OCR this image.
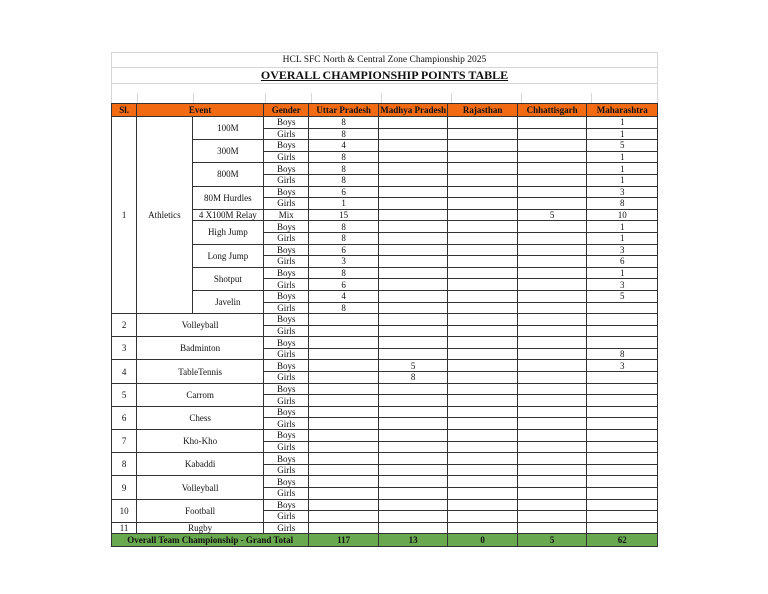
HCL SFC North & Central Zone Championship 2025
OVERALL CHAMPIONSHIP POINTS TABLE
Sl.	Event		Gender	Uttar Pradesh	Madhya Pradesh	Rajasthan	Chhattisgarh	Maharashtra
1	Athletics	100M	Boys	8				1
			Girls	8				1
		300M	Boys	4				5
			Girls	8				1
		800M	Boys	8				1
			Girls	8				1
		80M Hurdles	Boys	6				3
			Girls	1				8
		4 X100M Relay	Mix	15			5	10
		High Jump	Boys	8				1
			Girls	8				1
		Long Jump	Boys	6				3
			Girls	3				6
		Shotput	Boys	8				1
			Girls	6				3
		Javelin	Boys	4				5
			Girls	8				
2	Volleyball		Boys					
			Girls					
3	Badminton		Boys					
			Girls					8
4	TableTennis		Boys		5			3
			Girls		8			
5	Carrom		Boys					
			Girls					
6	Chess		Boys					
			Girls					
7	Kho-Kho		Boys					
			Girls					
8	Kabaddi		Boys					
			Girls					
9	Volleyball		Boys					
			Girls					
10	Football		Boys					
			Girls					
11	Rugby		Girls					
Overall Team Championship - Grand Total				117	13	0	5	62
